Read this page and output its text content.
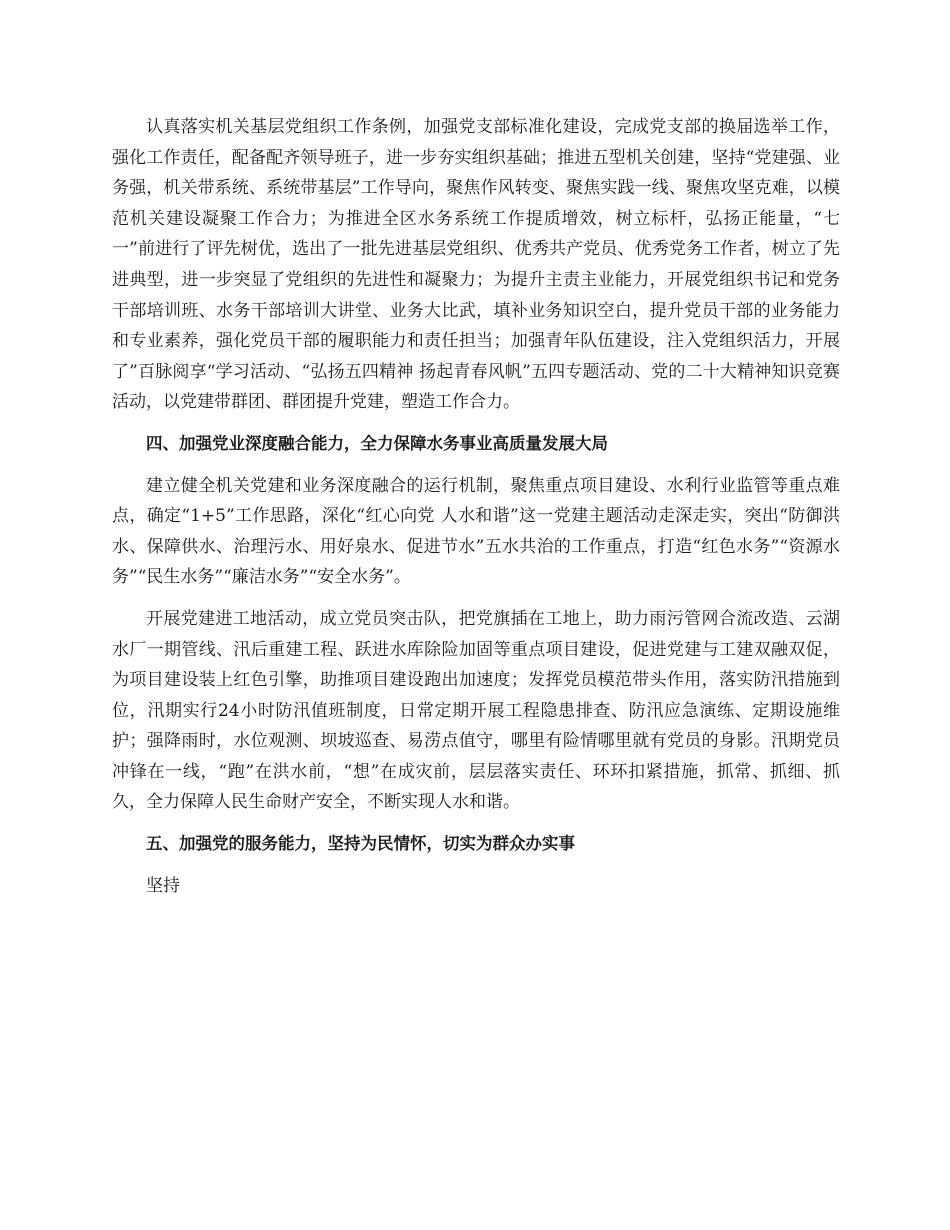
认真落实机关基层党组织工作条例，加强党支部标准化建设，完成党支部的换届选举工作，强化工作责任，配备配齐领导班子，进一步夯实组织基础；推进五型机关创建，坚持“党建强、业务强，机关带系统、系统带基层”工作导向，聚焦作风转变、聚焦实践一线、聚焦攻坚克难，以模范机关建设凝聚工作合力；为推进全区水务系统工作提质增效，树立标杆，弘扬正能量，“七一”前进行了评先树优，选出了一批先进基层党组织、优秀共产党员、优秀党务工作者，树立了先进典型，进一步突显了党组织的先进性和凝聚力；为提升主责主业能力，开展党组织书记和党务干部培训班、水务干部培训大讲堂、业务大比武，填补业务知识空白，提升党员干部的业务能力和专业素养，强化党员干部的履职能力和责任担当；加强青年队伍建设，注入党组织活力，开展了”百脉阅享“学习活动、“弘扬五四精神 扬起青春风帆”五四专题活动、党的二十大精神知识竞赛活动，以党建带群团、群团提升党建，塑造工作合力。

四、加强党业深度融合能力，全力保障水务事业高质量发展大局

建立健全机关党建和业务深度融合的运行机制，聚焦重点项目建设、水利行业监管等重点难点，确定“1+5”工作思路，深化“红心向党 人水和谐”这一党建主题活动走深走实，突出“防御洪水、保障供水、治理污水、用好泉水、促进节水”五水共治的工作重点，打造“红色水务”“资源水务”“民生水务”“廉洁水务”“安全水务”。

开展党建进工地活动，成立党员突击队，把党旗插在工地上，助力雨污管网合流改造、云湖水厂一期管线、汛后重建工程、跃进水库除险加固等重点项目建设，促进党建与工建双融双促，为项目建设装上红色引擎，助推项目建设跑出加速度；发挥党员模范带头作用，落实防汛措施到位，汛期实行24小时防汛值班制度，日常定期开展工程隐患排查、防汛应急演练、定期设施维护；强降雨时，水位观测、坝坡巡查、易涝点值守，哪里有险情哪里就有党员的身影。汛期党员冲锋在一线，“跑”在洪水前，“想”在成灾前，层层落实责任、环环扣紧措施，抓常、抓细、抓久，全力保障人民生命财产安全，不断实现人水和谐。

五、加强党的服务能力，坚持为民情怀，切实为群众办实事

坚持
